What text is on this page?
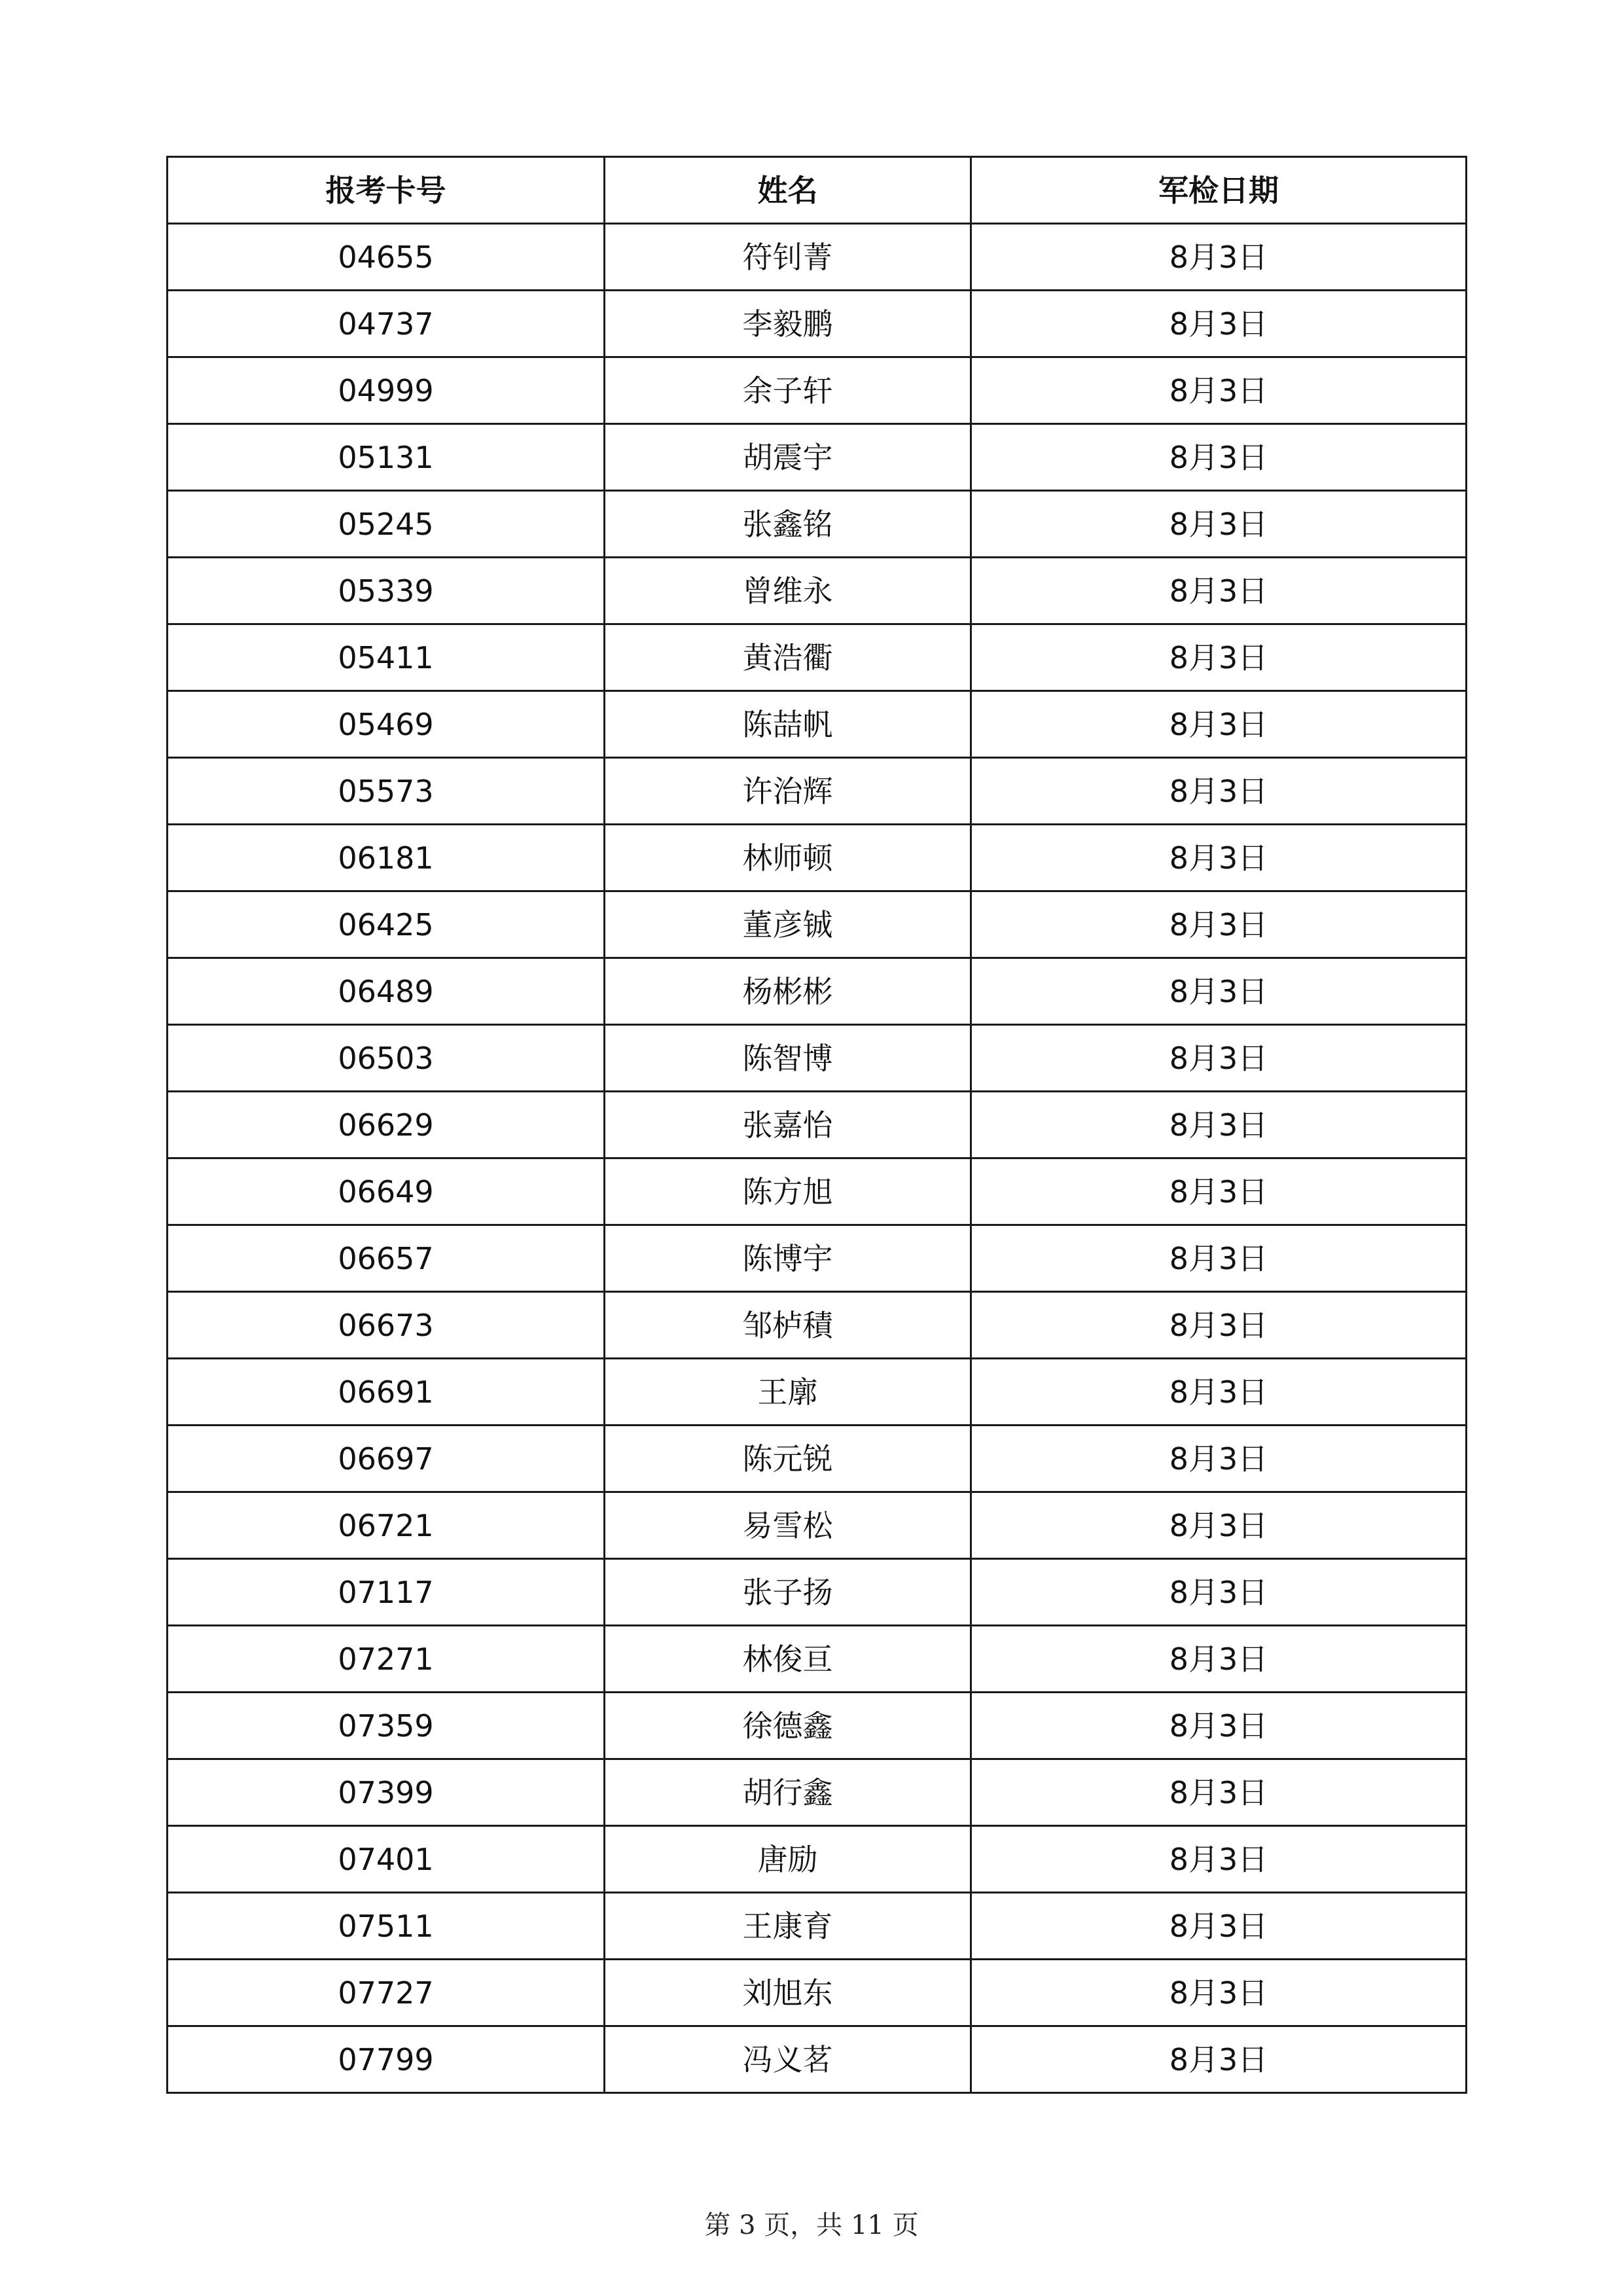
报考卡号	姓名	军检日期
04655	符钊菁	8月3日
04737	李毅鹏	8月3日
04999	余子轩	8月3日
05131	胡震宇	8月3日
05245	张鑫铭	8月3日
05339	曾维永	8月3日
05411	黄浩衢	8月3日
05469	陈喆帆	8月3日
05573	许治辉	8月3日
06181	林师顿	8月3日
06425	董彦铖	8月3日
06489	杨彬彬	8月3日
06503	陈智博	8月3日
06629	张嘉怡	8月3日
06649	陈方旭	8月3日
06657	陈博宇	8月3日
06673	邹栌積	8月3日
06691	王廓	8月3日
06697	陈元锐	8月3日
06721	易雪松	8月3日
07117	张子扬	8月3日
07271	林俊亘	8月3日
07359	徐德鑫	8月3日
07399	胡行鑫	8月3日
07401	唐励	8月3日
07511	王康育	8月3日
07727	刘旭东	8月3日
07799	冯义茗	8月3日
第 3 页，共 11 页
